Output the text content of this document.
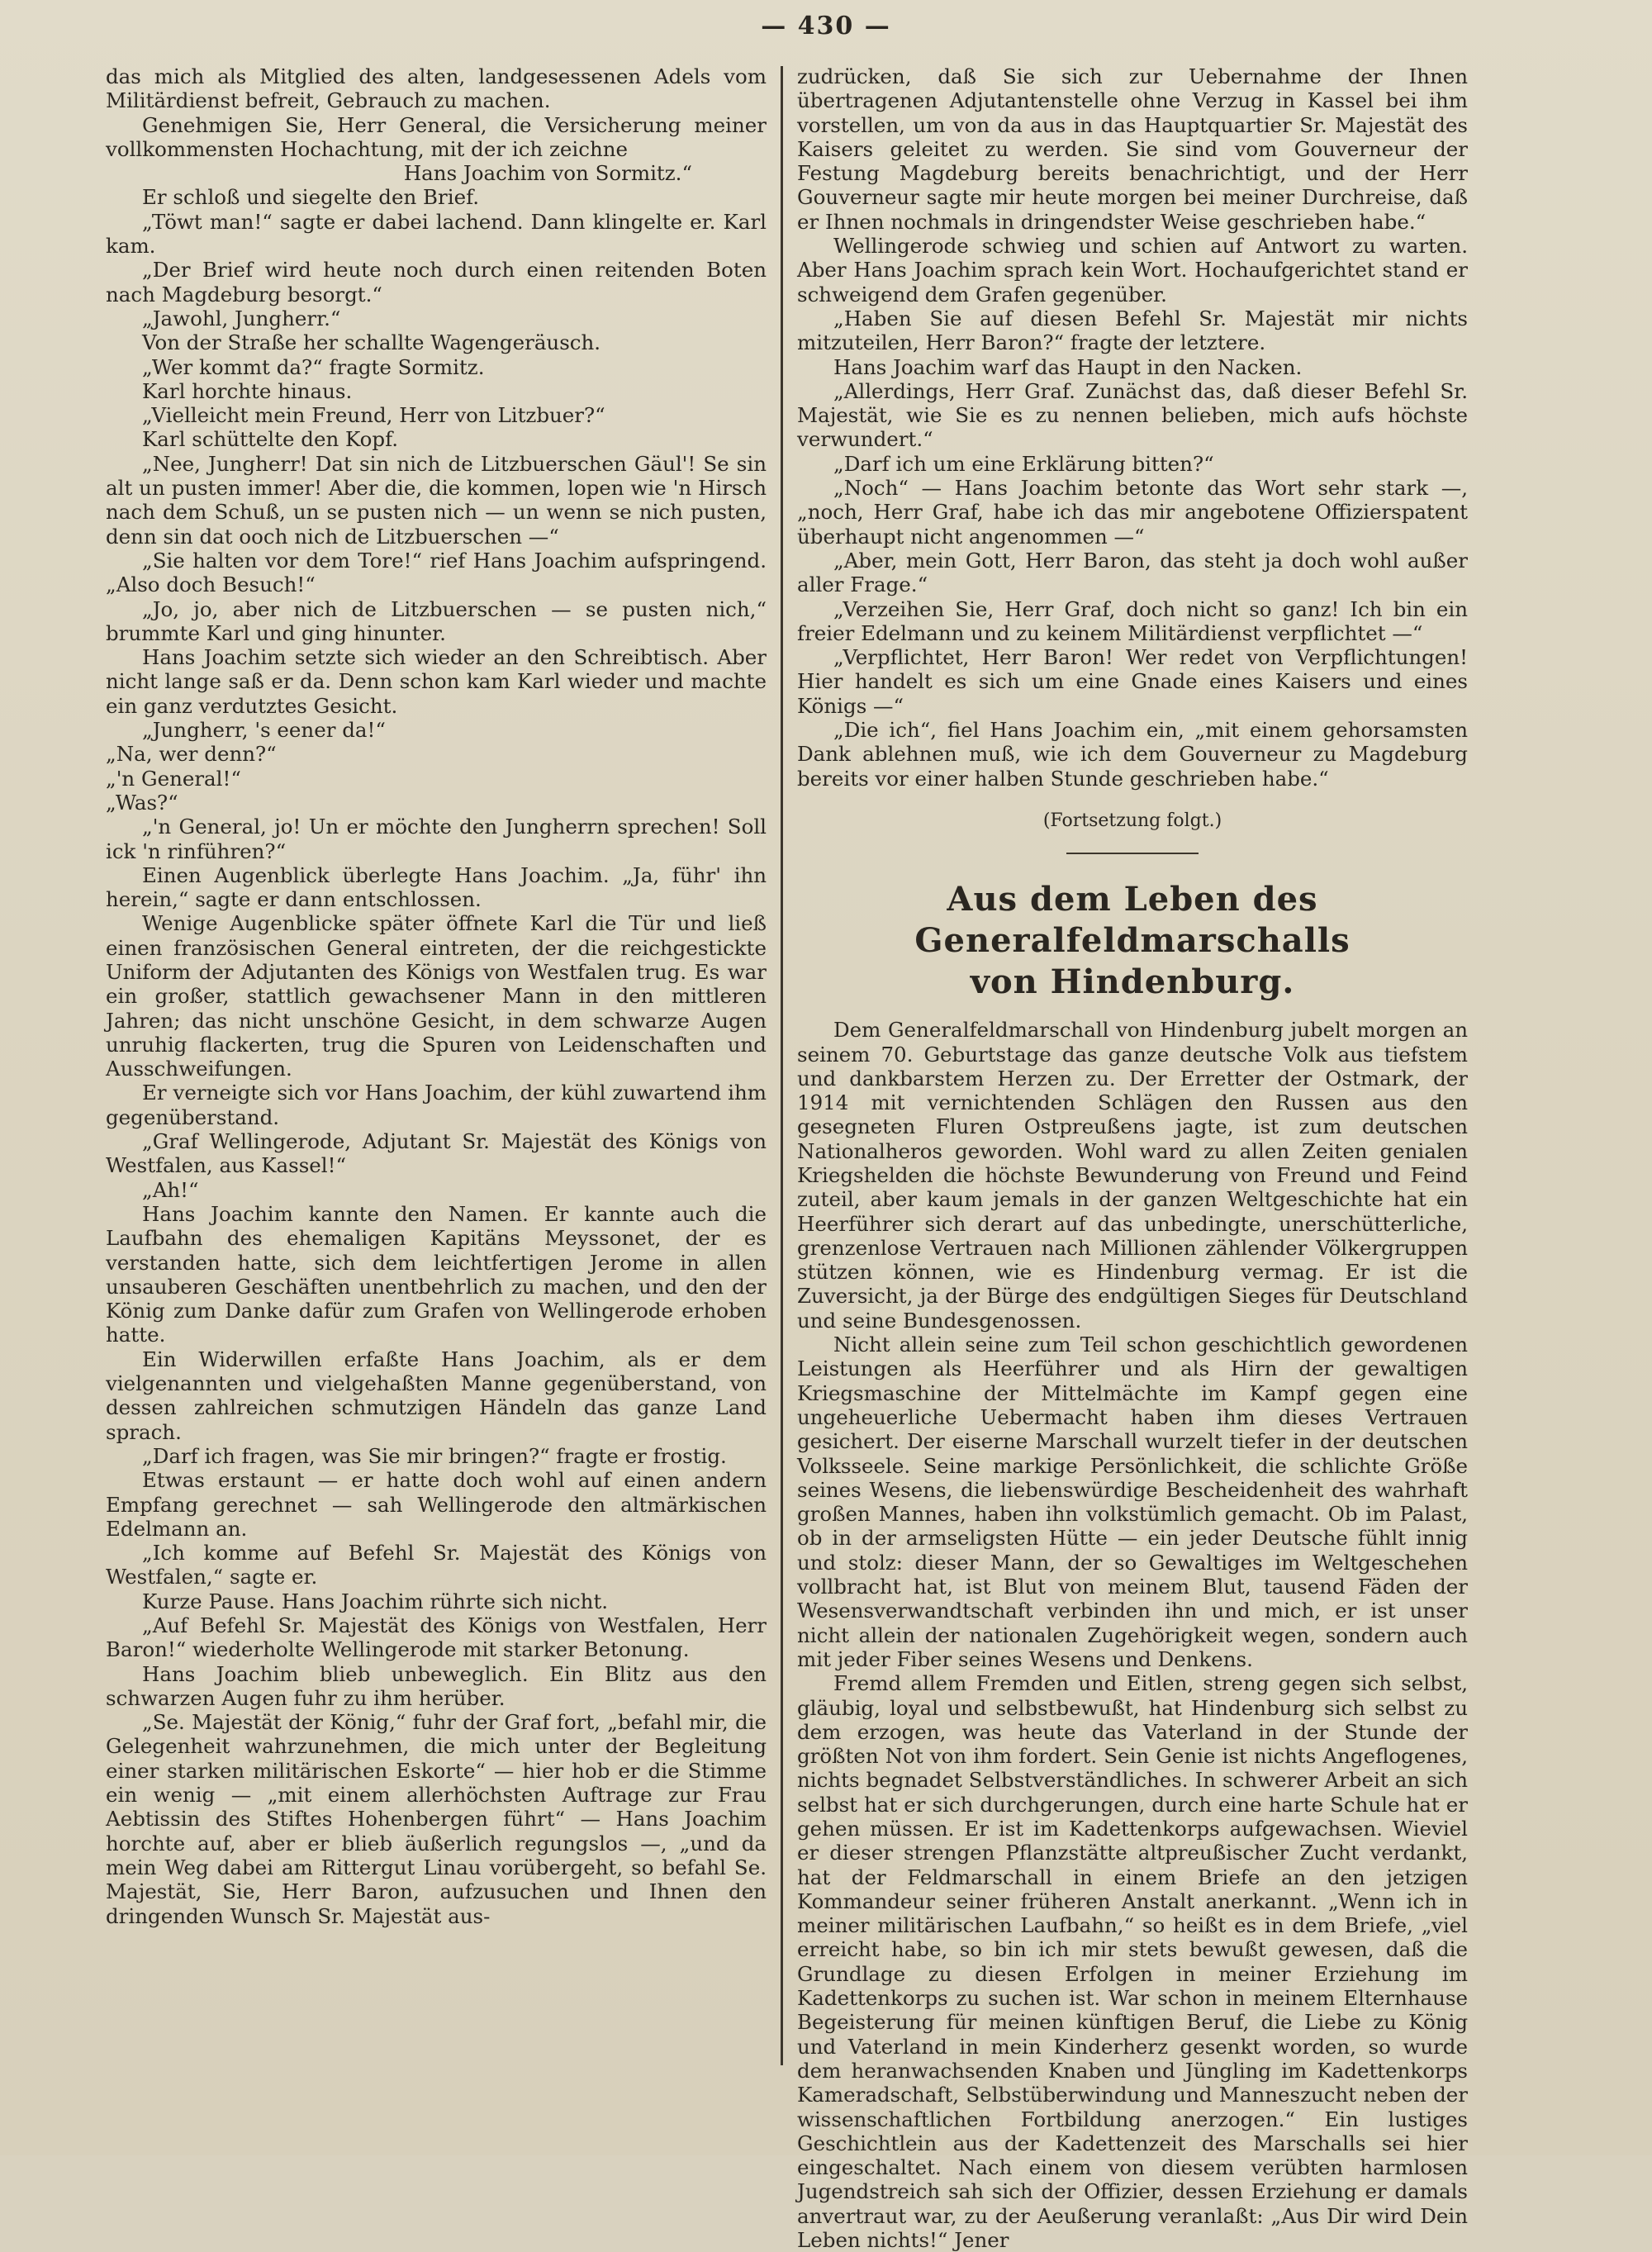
— 430 —

das mich als Mitglied des alten, landgesessenen Adels vom Militärdienst befreit, Gebrauch zu machen.

Genehmigen Sie, Herr General, die Versicherung meiner vollkommensten Hochachtung, mit der ich zeichne

Hans Joachim von Sormitz.“

Er schloß und siegelte den Brief.

„Töwt man!“ sagte er dabei lachend. Dann klingelte er. Karl kam.

„Der Brief wird heute noch durch einen reitenden Boten nach Magdeburg besorgt.“

„Jawohl, Jungherr.“

Von der Straße her schallte Wagengeräusch.

„Wer kommt da?“ fragte Sormitz.

Karl horchte hinaus.

„Vielleicht mein Freund, Herr von Litzbuer?“

Karl schüttelte den Kopf.

„Nee, Jungherr! Dat sin nich de Litzbuerschen Gäul'! Se sin alt un pusten immer! Aber die, die kommen, lopen wie 'n Hirsch nach dem Schuß, un se pusten nich — un wenn se nich pusten, denn sin dat ooch nich de Litzbuerschen —“

„Sie halten vor dem Tore!“ rief Hans Joachim aufspringend. „Also doch Besuch!“

„Jo, jo, aber nich de Litzbuerschen — se pusten nich,“ brummte Karl und ging hinunter.

Hans Joachim setzte sich wieder an den Schreibtisch. Aber nicht lange saß er da. Denn schon kam Karl wieder und machte ein ganz verdutztes Gesicht.

„Jungherr, 's eener da!“
„Na, wer denn?“
„'n General!“
„Was?“

„'n General, jo! Un er möchte den Jungherrn sprechen! Soll ick 'n rinführen?“

Einen Augenblick überlegte Hans Joachim. „Ja, führ' ihn herein,“ sagte er dann entschlossen.

Wenige Augenblicke später öffnete Karl die Tür und ließ einen französischen General eintreten, der die reichgestickte Uniform der Adjutanten des Königs von Westfalen trug. Es war ein großer, stattlich gewachsener Mann in den mittleren Jahren; das nicht unschöne Gesicht, in dem schwarze Augen unruhig flackerten, trug die Spuren von Leidenschaften und Ausschweifungen.

Er verneigte sich vor Hans Joachim, der kühl zuwartend ihm gegenüberstand.

„Graf Wellingerode, Adjutant Sr. Majestät des Königs von Westfalen, aus Kassel!“

„Ah!“

Hans Joachim kannte den Namen. Er kannte auch die Laufbahn des ehemaligen Kapitäns Meyssonet, der es verstanden hatte, sich dem leichtfertigen Jerome in allen unsauberen Geschäften unentbehrlich zu machen, und den der König zum Danke dafür zum Grafen von Wellingerode erhoben hatte.

Ein Widerwillen erfaßte Hans Joachim, als er dem vielgenannten und vielgehaßten Manne gegenüberstand, von dessen zahlreichen schmutzigen Händeln das ganze Land sprach.

„Darf ich fragen, was Sie mir bringen?“ fragte er frostig.

Etwas erstaunt — er hatte doch wohl auf einen andern Empfang gerechnet — sah Wellingerode den altmärkischen Edelmann an.

„Ich komme auf Befehl Sr. Majestät des Königs von Westfalen,“ sagte er.

Kurze Pause. Hans Joachim rührte sich nicht.

„Auf Befehl Sr. Majestät des Königs von Westfalen, Herr Baron!“ wiederholte Wellingerode mit starker Betonung.

Hans Joachim blieb unbeweglich. Ein Blitz aus den schwarzen Augen fuhr zu ihm herüber.

„Se. Majestät der König,“ fuhr der Graf fort, „befahl mir, die Gelegenheit wahrzunehmen, die mich unter der Begleitung einer starken militärischen Eskorte“ — hier hob er die Stimme ein wenig — „mit einem allerhöchsten Auftrage zur Frau Aebtissin des Stiftes Hohenbergen führt“ — Hans Joachim horchte auf, aber er blieb äußerlich regungslos —, „und da mein Weg dabei am Rittergut Linau vorübergeht, so befahl Se. Majestät, Sie, Herr Baron, aufzusuchen und Ihnen den dringenden Wunsch Sr. Majestät aus-

zudrücken, daß Sie sich zur Uebernahme der Ihnen übertragenen Adjutantenstelle ohne Verzug in Kassel bei ihm vorstellen, um von da aus in das Hauptquartier Sr. Majestät des Kaisers geleitet zu werden. Sie sind vom Gouverneur der Festung Magdeburg bereits benachrichtigt, und der Herr Gouverneur sagte mir heute morgen bei meiner Durchreise, daß er Ihnen nochmals in dringendster Weise geschrieben habe.“

Wellingerode schwieg und schien auf Antwort zu warten. Aber Hans Joachim sprach kein Wort. Hochaufgerichtet stand er schweigend dem Grafen gegenüber.

„Haben Sie auf diesen Befehl Sr. Majestät mir nichts mitzuteilen, Herr Baron?“ fragte der letztere.

Hans Joachim warf das Haupt in den Nacken.

„Allerdings, Herr Graf. Zunächst das, daß dieser Befehl Sr. Majestät, wie Sie es zu nennen belieben, mich aufs höchste verwundert.“

„Darf ich um eine Erklärung bitten?“

„Noch“ — Hans Joachim betonte das Wort sehr stark —, „noch, Herr Graf, habe ich das mir angebotene Offizierspatent überhaupt nicht angenommen —“

„Aber, mein Gott, Herr Baron, das steht ja doch wohl außer aller Frage.“

„Verzeihen Sie, Herr Graf, doch nicht so ganz! Ich bin ein freier Edelmann und zu keinem Militärdienst verpflichtet —“

„Verpflichtet, Herr Baron! Wer redet von Verpflichtungen! Hier handelt es sich um eine Gnade eines Kaisers und eines Königs —“

„Die ich“, fiel Hans Joachim ein, „mit einem gehorsamsten Dank ablehnen muß, wie ich dem Gouverneur zu Magdeburg bereits vor einer halben Stunde geschrieben habe.“

(Fortsetzung folgt.)

Aus dem Leben des Generalfeldmarschalls
von Hindenburg.

Dem Generalfeldmarschall von Hindenburg jubelt morgen an seinem 70. Geburtstage das ganze deutsche Volk aus tiefstem und dankbarstem Herzen zu. Der Erretter der Ostmark, der 1914 mit vernichtenden Schlägen den Russen aus den gesegneten Fluren Ostpreußens jagte, ist zum deutschen Nationalheros geworden. Wohl ward zu allen Zeiten genialen Kriegshelden die höchste Bewunderung von Freund und Feind zuteil, aber kaum jemals in der ganzen Weltgeschichte hat ein Heerführer sich derart auf das unbedingte, unerschütterliche, grenzenlose Vertrauen nach Millionen zählender Völkergruppen stützen können, wie es Hindenburg vermag. Er ist die Zuversicht, ja der Bürge des endgültigen Sieges für Deutschland und seine Bundesgenossen.

Nicht allein seine zum Teil schon geschichtlich gewordenen Leistungen als Heerführer und als Hirn der gewaltigen Kriegsmaschine der Mittelmächte im Kampf gegen eine ungeheuerliche Uebermacht haben ihm dieses Vertrauen gesichert. Der eiserne Marschall wurzelt tiefer in der deutschen Volksseele. Seine markige Persönlichkeit, die schlichte Größe seines Wesens, die liebenswürdige Bescheidenheit des wahrhaft großen Mannes, haben ihn volkstümlich gemacht. Ob im Palast, ob in der armseligsten Hütte — ein jeder Deutsche fühlt innig und stolz: dieser Mann, der so Gewaltiges im Weltgeschehen vollbracht hat, ist Blut von meinem Blut, tausend Fäden der Wesensverwandtschaft verbinden ihn und mich, er ist unser nicht allein der nationalen Zugehörigkeit wegen, sondern auch mit jeder Fiber seines Wesens und Denkens.

Fremd allem Fremden und Eitlen, streng gegen sich selbst, gläubig, loyal und selbstbewußt, hat Hindenburg sich selbst zu dem erzogen, was heute das Vaterland in der Stunde der größten Not von ihm fordert. Sein Genie ist nichts Angeflogenes, nichts begnadet Selbstverständliches. In schwerer Arbeit an sich selbst hat er sich durchgerungen, durch eine harte Schule hat er gehen müssen. Er ist im Kadettenkorps aufgewachsen. Wieviel er dieser strengen Pflanzstätte altpreußischer Zucht verdankt, hat der Feldmarschall in einem Briefe an den jetzigen Kommandeur seiner früheren Anstalt anerkannt. „Wenn ich in meiner militärischen Laufbahn,“ so heißt es in dem Briefe, „viel erreicht habe, so bin ich mir stets bewußt gewesen, daß die Grundlage zu diesen Erfolgen in meiner Erziehung im Kadettenkorps zu suchen ist. War schon in meinem Elternhause Begeisterung für meinen künftigen Beruf, die Liebe zu König und Vaterland in mein Kinderherz gesenkt worden, so wurde dem heranwachsenden Knaben und Jüngling im Kadettenkorps Kameradschaft, Selbstüberwindung und Manneszucht neben der wissenschaftlichen Fortbildung anerzogen.“ Ein lustiges Geschichtlein aus der Kadettenzeit des Marschalls sei hier eingeschaltet. Nach einem von diesem verübten harmlosen Jugendstreich sah sich der Offizier, dessen Erziehung er damals anvertraut war, zu der Aeußerung veranlaßt: „Aus Dir wird Dein Leben nichts!“ Jener
